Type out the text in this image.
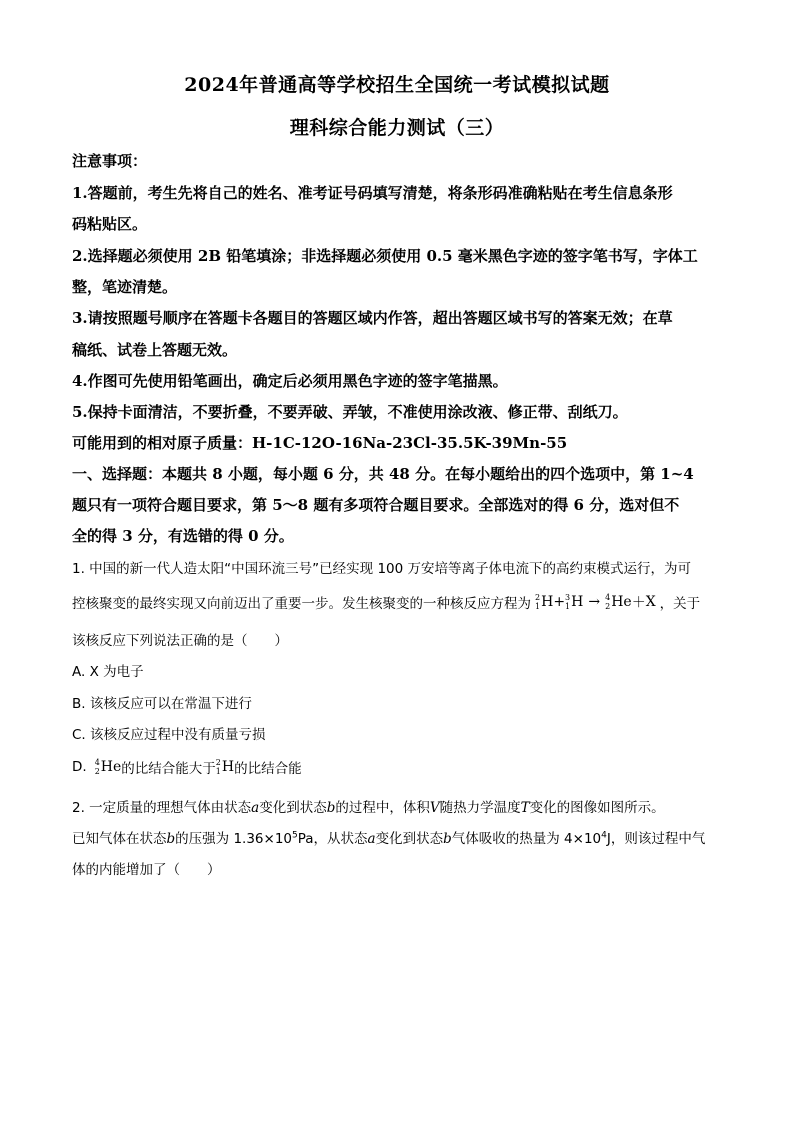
2024年普通高等学校招生全国统一考试模拟试题
理科综合能力测试（三）
注意事项：
1.答题前，考生先将自己的姓名、准考证号码填写清楚，将条形码准确粘贴在考生信息条形
码粘贴区。
2.选择题必须使用 2B 铅笔填涂；非选择题必须使用 0.5 毫米黑色字迹的签字笔书写，字体工
整，笔迹清楚。
3.请按照题号顺序在答题卡各题目的答题区域内作答，超出答题区域书写的答案无效；在草
稿纸、试卷上答题无效。
4.作图可先使用铅笔画出，确定后必须用黑色字迹的签字笔描黑。
5.保持卡面清洁，不要折叠，不要弄破、弄皱，不准使用涂改液、修正带、刮纸刀。
可能用到的相对原子质量：H-1C-12O-16Na-23Cl-35.5K-39Mn-55
一、选择题：本题共 8 小题，每小题 6 分，共 48 分。在每小题给出的四个选项中，第 1~4
题只有一项符合题目要求，第 5～8 题有多项符合题目要求。全部选对的得 6 分，选对但不
全的得 3 分，有选错的得 0 分。
1. 中国的新一代人造太阳“中国环流三号”已经实现 100 万安培等离子体电流下的高约束模式运行，为可
控核聚变的最终实现又向前迈出了重要一步。发生核聚变的一种核反应方程为 2
1 H + 3
1 H → 4
2 He ＋ X ，关于
该核反应下列说法正确的是（　　）
A. X 为电子
B. 该核反应可以在常温下进行
C. 该核反应过程中没有质量亏损
D. 4
2 He 的比结合能大于 2
1 H 的比结合能
2. 一定质量的理想气体由状态a变化到状态b的过程中，体积V随热力学温度T变化的图像如图所示。
已知气体在状态b的压强为 $1.36\times 10^5Pa$，从状态a变化到状态b气体吸收的热量为 $4\times 10^4J$，则该过程中气
体的内能增加了（　　）
